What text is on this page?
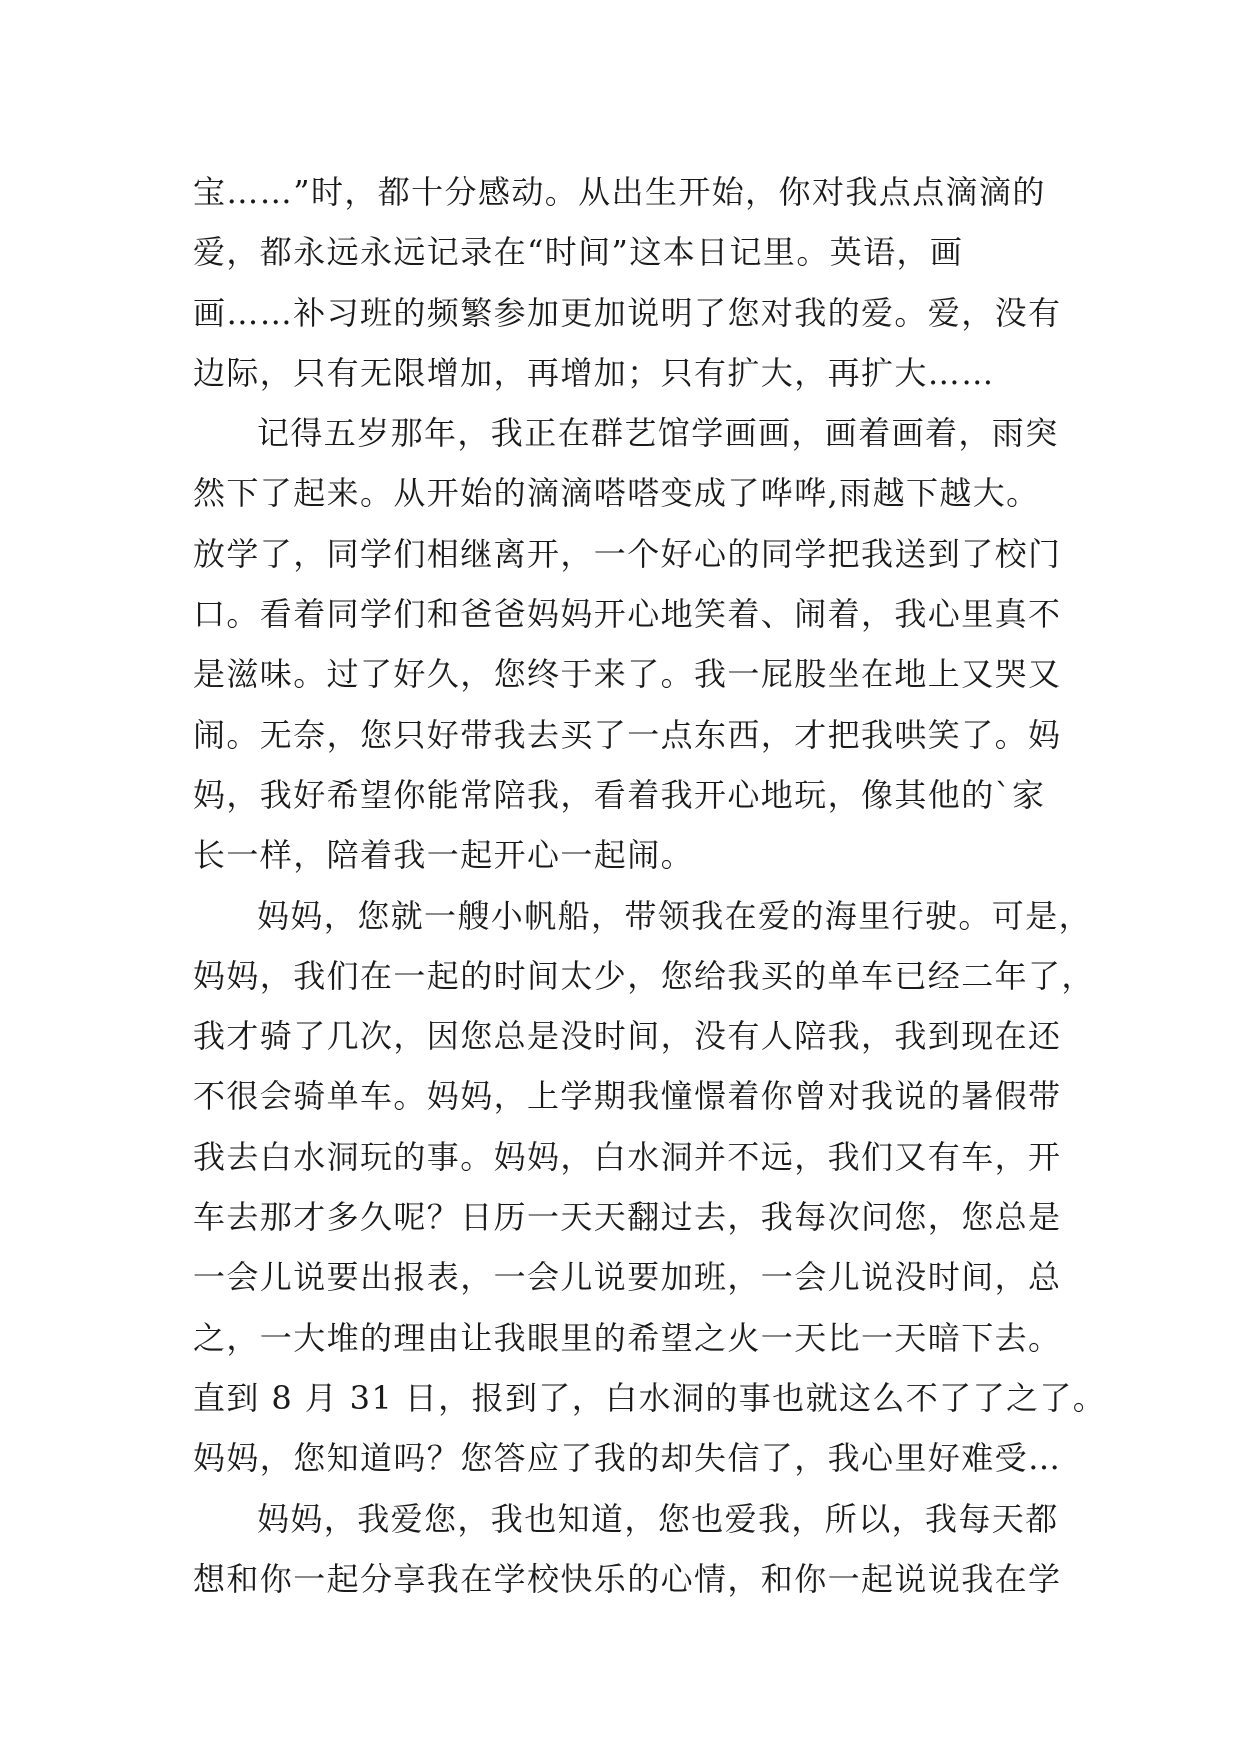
宝……”时，都十分感动。从出生开始，你对我点点滴滴的
爱，都永远永远记录在“时间”这本日记里。英语，画
画……补习班的频繁参加更加说明了您对我的爱。爱，没有
边际，只有无限增加，再增加；只有扩大，再扩大……
记得五岁那年，我正在群艺馆学画画，画着画着，雨突
然下了起来。从开始的滴滴嗒嗒变成了哗哗,雨越下越大。
放学了，同学们相继离开，一个好心的同学把我送到了校门
口。看着同学们和爸爸妈妈开心地笑着、闹着，我心里真不
是滋味。过了好久，您终于来了。我一屁股坐在地上又哭又
闹。无奈，您只好带我去买了一点东西，才把我哄笑了。妈
妈，我好希望你能常陪我，看着我开心地玩，像其他的`家
长一样，陪着我一起开心一起闹。
妈妈，您就一艘小帆船，带领我在爱的海里行驶。可是，
妈妈，我们在一起的时间太少，您给我买的单车已经二年了，
我才骑了几次，因您总是没时间，没有人陪我，我到现在还
不很会骑单车。妈妈，上学期我憧憬着你曾对我说的暑假带
我去白水洞玩的事。妈妈，白水洞并不远，我们又有车，开
车去那才多久呢？日历一天天翻过去，我每次问您，您总是
一会儿说要出报表，一会儿说要加班，一会儿说没时间，总
之，一大堆的理由让我眼里的希望之火一天比一天暗下去。
直到 8 月 31 日，报到了，白水洞的事也就这么不了了之了。
妈妈，您知道吗？您答应了我的却失信了，我心里好难受…
妈妈，我爱您，我也知道，您也爱我，所以，我每天都
想和你一起分享我在学校快乐的心情，和你一起说说我在学
